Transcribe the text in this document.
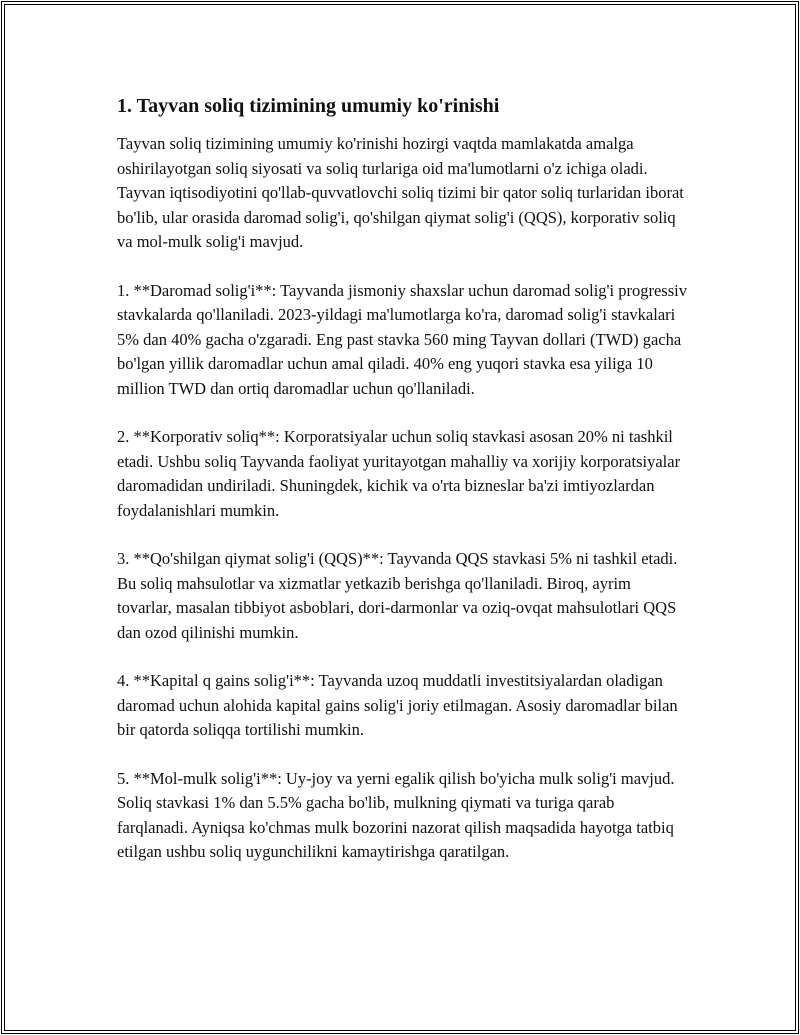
1. Tayvan soliq tizimining umumiy ko'rinishi

Tayvan soliq tizimining umumiy ko'rinishi hozirgi vaqtda mamlakatda amalga oshirilayotgan soliq siyosati va soliq turlariga oid ma'lumotlarni o'z ichiga oladi. Tayvan iqtisodiyotini qo'llab-quvvatlovchi soliq tizimi bir qator soliq turlaridan iborat bo'lib, ular orasida daromad solig'i, qo'shilgan qiymat solig'i (QQS), korporativ soliq va mol-mulk solig'i mavjud.

1. **Daromad solig'i**: Tayvanda jismoniy shaxslar uchun daromad solig'i progressiv stavkalarda qo'llaniladi. 2023-yildagi ma'lumotlarga ko'ra, daromad solig'i stavkalari 5% dan 40% gacha o'zgaradi. Eng past stavka 560 ming Tayvan dollari (TWD) gacha bo'lgan yillik daromadlar uchun amal qiladi. 40% eng yuqori stavka esa yiliga 10 million TWD dan ortiq daromadlar uchun qo'llaniladi.

2. **Korporativ soliq**: Korporatsiyalar uchun soliq stavkasi asosan 20% ni tashkil etadi. Ushbu soliq Tayvanda faoliyat yuritayotgan mahalliy va xorijiy korporatsiyalar daromadidan undiriladi. Shuningdek, kichik va o'rta bizneslar ba'zi imtiyozlardan foydalanishlari mumkin.

3. **Qo'shilgan qiymat solig'i (QQS)**: Tayvanda QQS stavkasi 5% ni tashkil etadi. Bu soliq mahsulotlar va xizmatlar yetkazib berishga qo'llaniladi. Biroq, ayrim tovarlar, masalan tibbiyot asboblari, dori-darmonlar va oziq-ovqat mahsulotlari QQS dan ozod qilinishi mumkin.

4. **Kapital q gains solig'i**: Tayvanda uzoq muddatli investitsiyalardan oladigan daromad uchun alohida kapital gains solig'i joriy etilmagan. Asosiy daromadlar bilan bir qatorda soliqqa tortilishi mumkin.

5. **Mol-mulk solig'i**: Uy-joy va yerni egalik qilish bo'yicha mulk solig'i mavjud. Soliq stavkasi 1% dan 5.5% gacha bo'lib, mulkning qiymati va turiga qarab farqlanadi. Ayniqsa ko'chmas mulk bozorini nazorat qilish maqsadida hayotga tatbiq etilgan ushbu soliq uygunchilikni kamaytirishga qaratilgan.
